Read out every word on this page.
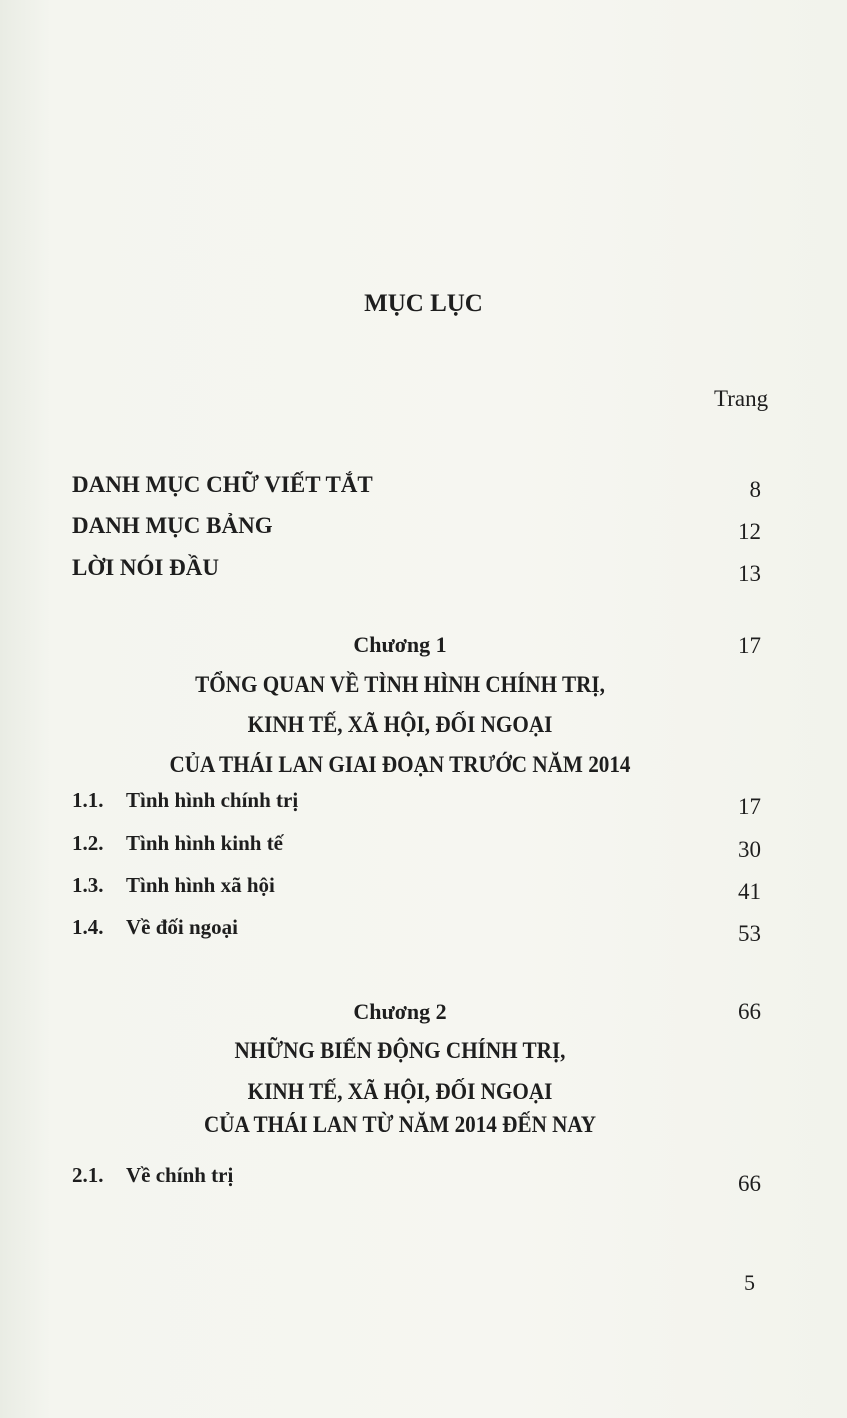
MỤC LỤC
Trang
DANH MỤC CHỮ VIẾT TẮT	8
DANH MỤC BẢNG	12
LỜI NÓI ĐẦU	13
Chương 1	17
TỔNG QUAN VỀ TÌNH HÌNH CHÍNH TRỊ,
KINH TẾ, XÃ HỘI, ĐỐI NGOẠI
CỦA THÁI LAN GIAI ĐOẠN TRƯỚC NĂM 2014
1.1. Tình hình chính trị	17
1.2. Tình hình kinh tế	30
1.3. Tình hình xã hội	41
1.4. Về đối ngoại	53
Chương 2	66
NHỮNG BIẾN ĐỘNG CHÍNH TRỊ,
KINH TẾ, XÃ HỘI, ĐỐI NGOẠI
CỦA THÁI LAN TỪ NĂM 2014 ĐẾN NAY
2.1. Về chính trị	66
5
